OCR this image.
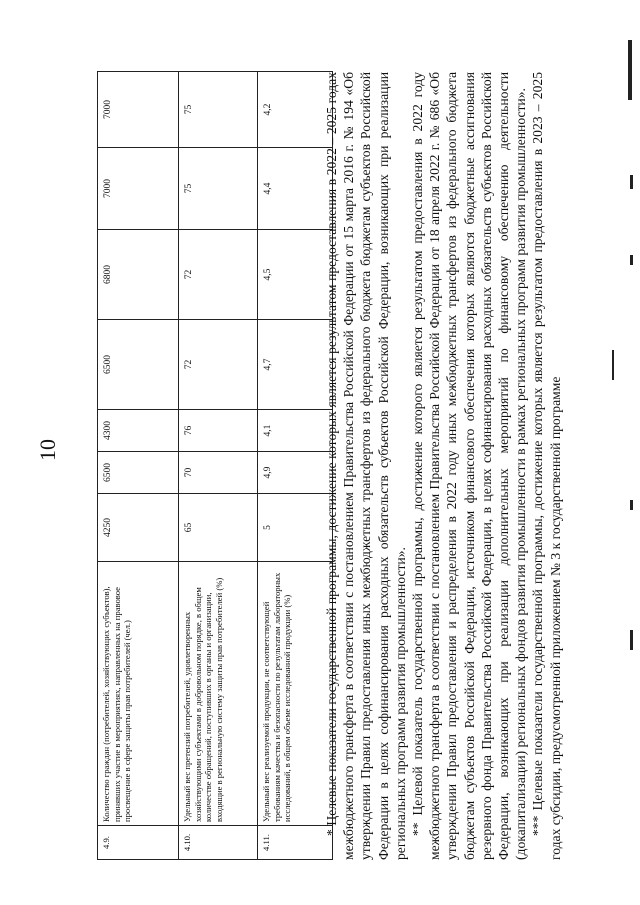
10
4.9.	Количество граждан (потребителей, хозяйствующих субъектов), принявших участие в мероприятиях, направленных на правовое просвещение в сфере защиты прав потребителей (чел.)	4250	6500	4300	6500	6800	7000	7000
4.10.	Удельный вес претензий потребителей, удовлетворенных хозяйствующими субъектами в добровольном порядке, в общем количестве обращений, поступивших в органы и организации, входящие в региональную систему защиты прав потребителей (%)	65	70	76	72	72	75	75
4.11.	Удельный вес реализуемой продукции, не соответствующей требованиям качества и безопасности по результатам лабораторных исследований, в общем объеме исследованной продукции (%)	5	4,9	4,1	4,7	4,5	4,4	4,2	* Целевые показатели государственной программы, достижение которых является результатом предоставления в 2022 – 2025 годах межбюджетного трансферта в соответствии с постановлением Правительства Российской Федерации от 15 марта 2016 г. № 194 «Об утверждении Правил предоставления иных межбюджетных трансфертов из федерального бюджета бюджетам субъектов Российской Федерации в целях софинансирования расходных обязательств субъектов Российской Федерации, возникающих при реализации региональных программ развития промышленности». ** Целевой показатель государственной программы, достижение которого является результатом предоставления в 2022 году межбюджетного трансферта в соответствии с постановлением Правительства Российской Федерации от 18 апреля 2022 г. № 686 «Об утверждении Правил предоставления и распределения в 2022 году иных межбюджетных трансфертов из федерального бюджета бюджетам субъектов Российской Федерации, источником финансового обеспечения которых являются бюджетные ассигнования резервного фонда Правительства Российской Федерации, в целях софинансирования расходных обязательств субъектов Российской Федерации, возникающих при реализации дополнительных мероприятий по финансовому обеспечению деятельности (докапитализации) региональных фондов развития промышленности в рамках региональных программ развития промышленности». *** Целевые показатели государственной программы, достижение которых является результатом предоставления в 2023 – 2025 годах субсидии, предусмотренной приложением № 3 к государственной программе
